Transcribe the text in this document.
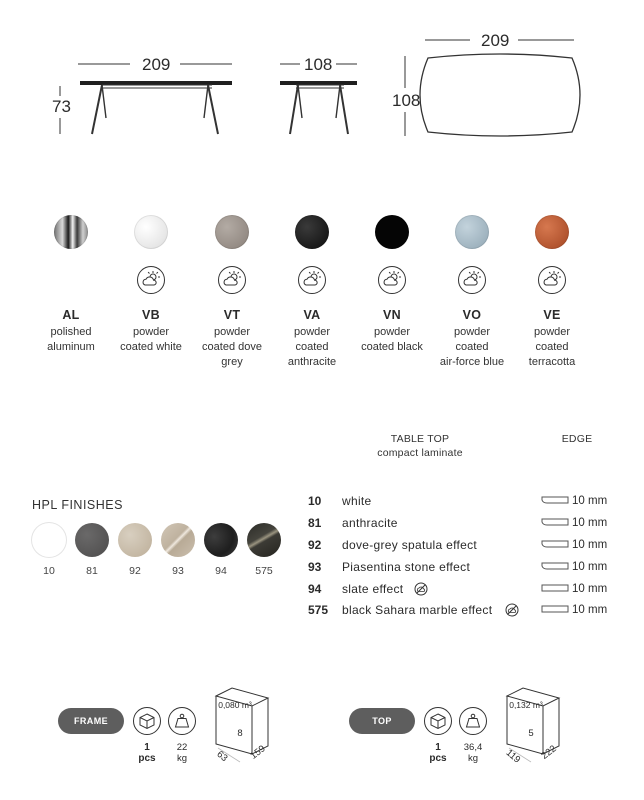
209
73
108
209
108
AL
polished
aluminum
VB
powder
coated white
VT
powder
coated dove
grey
VA
powder
coated
anthracite
VN
powder
coated black
VO
powder
coated
air-force blue
VE
powder
coated
terracotta
HPL FINISHES
10	81	92	93	94	575
TABLE TOP
compact laminate
EDGE
10 white	10 mm
81 anthracite	10 mm
92 dove-grey spatula effect	10 mm
93 Piasentina stone effect	10 mm
94 slate effect	10 mm
575 black Sahara marble effect	10 mm
FRAME
1
pcs
22
kg
0,080 m³
8
63 159
TOP
1
pcs
36,4
kg
0,132 m³
5
119 222
